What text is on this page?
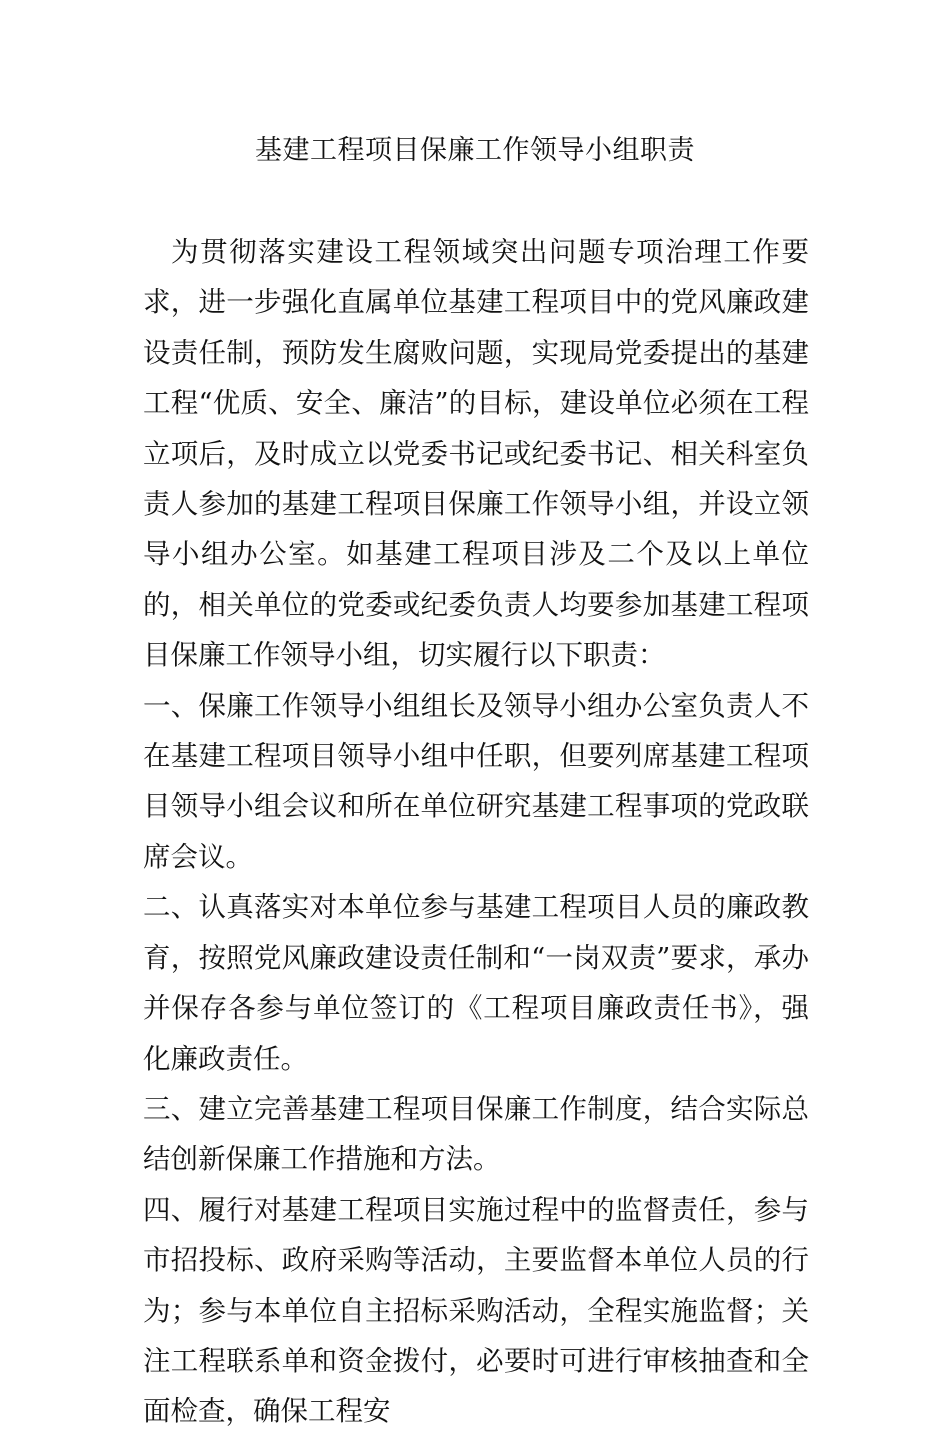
基建工程项目保廉工作领导小组职责

为贯彻落实建设工程领域突出问题专项治理工作要求，进一步强化直属单位基建工程项目中的党风廉政建设责任制，预防发生腐败问题，实现局党委提出的基建工程“优质、安全、廉洁”的目标，建设单位必须在工程立项后，及时成立以党委书记或纪委书记、相关科室负责人参加的基建工程项目保廉工作领导小组，并设立领导小组办公室。如基建工程项目涉及二个及以上单位的，相关单位的党委或纪委负责人均要参加基建工程项目保廉工作领导小组，切实履行以下职责：

一、保廉工作领导小组组长及领导小组办公室负责人不在基建工程项目领导小组中任职，但要列席基建工程项目领导小组会议和所在单位研究基建工程事项的党政联席会议。

二、认真落实对本单位参与基建工程项目人员的廉政教育，按照党风廉政建设责任制和“一岗双责”要求，承办并保存各参与单位签订的《工程项目廉政责任书》，强化廉政责任。

三、建立完善基建工程项目保廉工作制度，结合实际总结创新保廉工作措施和方法。

四、履行对基建工程项目实施过程中的监督责任，参与市招投标、政府采购等活动，主要监督本单位人员的行为；参与本单位自主招标采购活动，全程实施监督；关注工程联系单和资金拨付，必要时可进行审核抽查和全面检查，确保工程安
